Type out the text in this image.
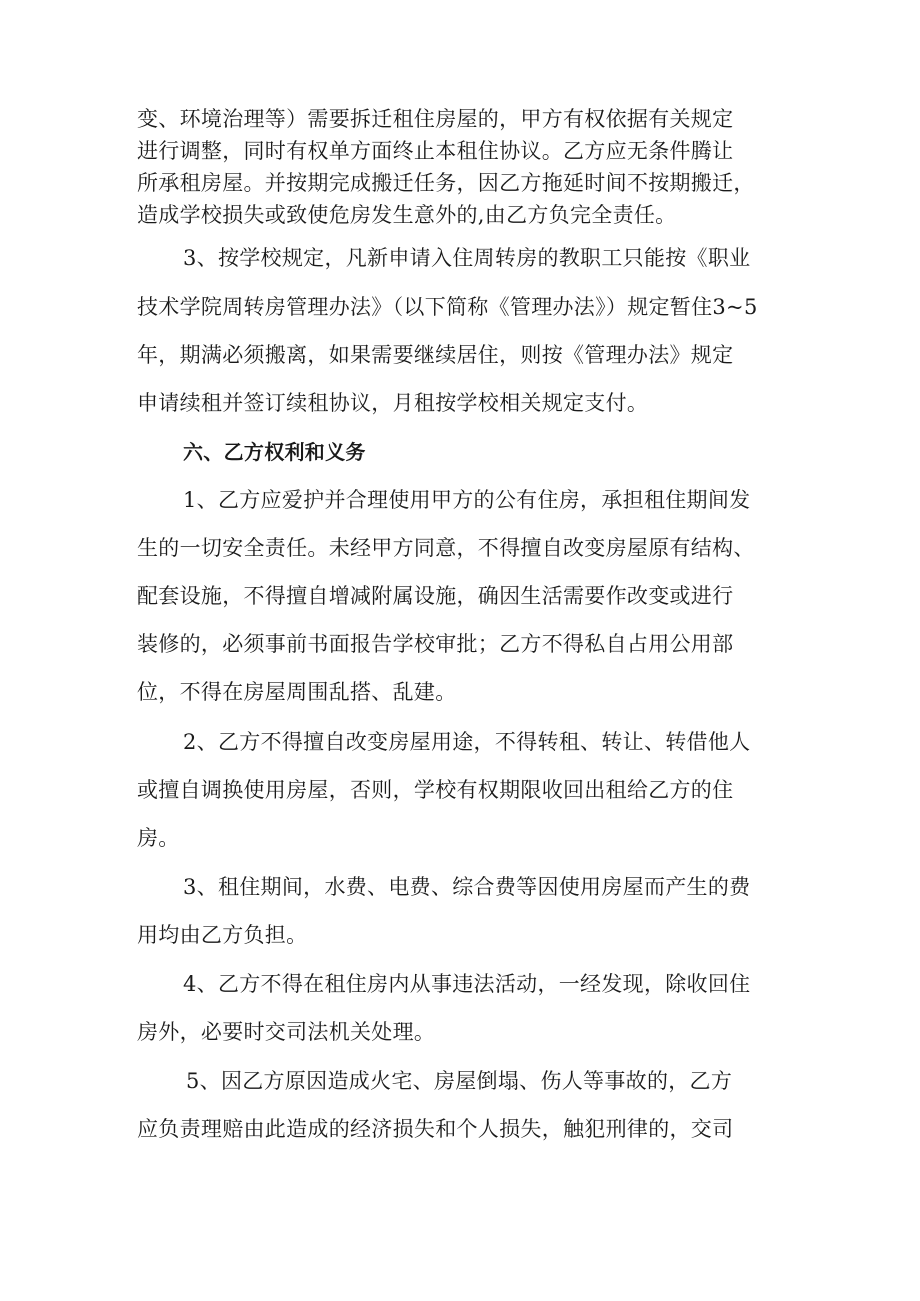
变、环境治理等）需要拆迁租住房屋的，甲方有权依据有关规定
进行调整，同时有权单方面终止本租住协议。乙方应无条件腾让
所承租房屋。并按期完成搬迁任务，因乙方拖延时间不按期搬迁，
造成学校损失或致使危房发生意外的,由乙方负完全责任。
3、按学校规定，凡新申请入住周转房的教职工只能按《职业
技术学院周转房管理办法》（以下简称《管理办法》）规定暂住3~5
年，期满必须搬离，如果需要继续居住，则按《管理办法》规定
申请续租并签订续租协议，月租按学校相关规定支付。
六、乙方权利和义务
1、乙方应爱护并合理使用甲方的公有住房，承担租住期间发
生的一切安全责任。未经甲方同意，不得擅自改变房屋原有结构、
配套设施，不得擅自增减附属设施，确因生活需要作改变或进行
装修的，必须事前书面报告学校审批；乙方不得私自占用公用部
位，不得在房屋周围乱搭、乱建。
2、乙方不得擅自改变房屋用途，不得转租、转让、转借他人
或擅自调换使用房屋，否则，学校有权期限收回出租给乙方的住
房。
3、租住期间，水费、电费、综合费等因使用房屋而产生的费
用均由乙方负担。
4、乙方不得在租住房内从事违法活动，一经发现，除收回住
房外，必要时交司法机关处理。
5、因乙方原因造成火宅、房屋倒塌、伤人等事故的，乙方
应负责理赔由此造成的经济损失和个人损失，触犯刑律的，交司
